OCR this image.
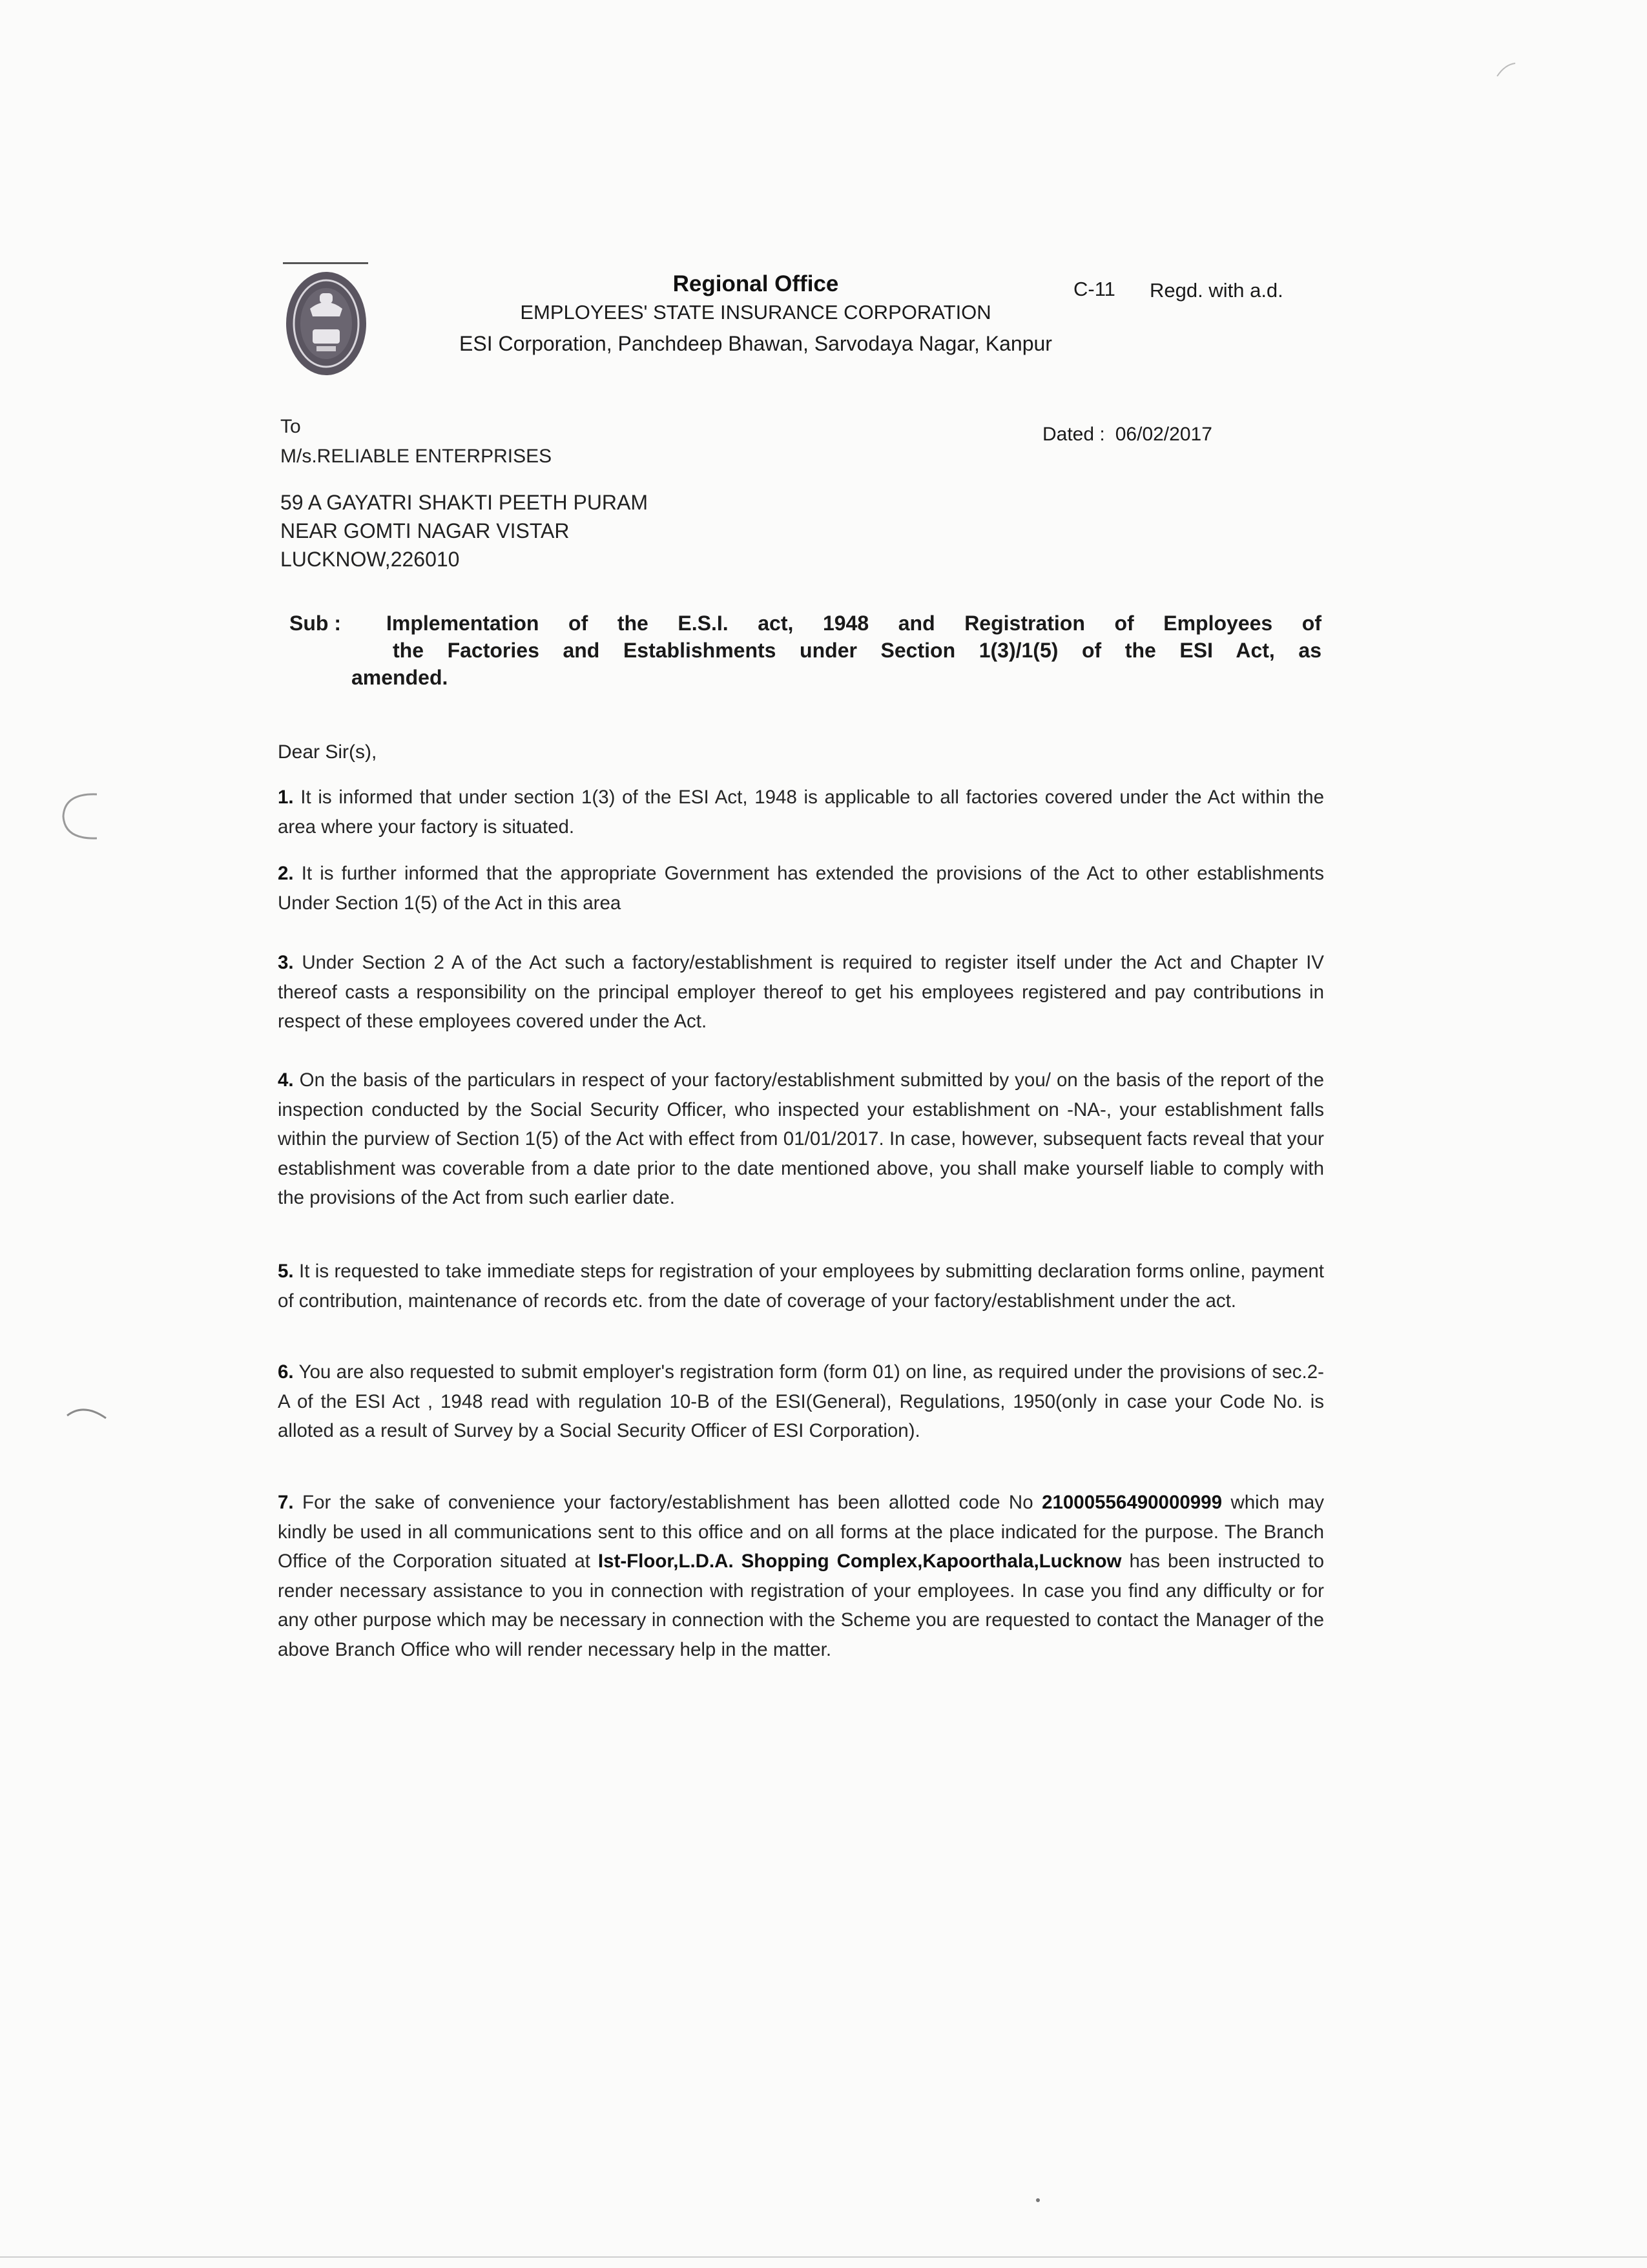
Regional Office
EMPLOYEES' STATE INSURANCE CORPORATION
ESI Corporation, Panchdeep Bhawan, Sarvodaya Nagar, Kanpur
C-11 Regd. with a.d.
To	Dated : 06/02/2017
M/s.RELIABLE ENTERPRISES
59 A GAYATRI SHAKTI PEETH PURAM
NEAR GOMTI NAGAR VISTAR
LUCKNOW,226010
Sub : Implementation of the E.S.I. act, 1948 and Registration of Employees of
the Factories and Establishments under Section 1(3)/1(5) of the ESI Act, as
amended.
Dear Sir(s),
1. It is informed that under section 1(3) of the ESI Act, 1948 is applicable to all factories covered under the Act within the area where your factory is situated.
2. It is further informed that the appropriate Government has extended the provisions of the Act to other establishments Under Section 1(5) of the Act in this area
3. Under Section 2 A of the Act such a factory/establishment is required to register itself under the Act and Chapter IV thereof casts a responsibility on the principal employer thereof to get his employees registered and pay contributions in respect of these employees covered under the Act.
4. On the basis of the particulars in respect of your factory/establishment submitted by you/ on the basis of the report of the inspection conducted by the Social Security Officer, who inspected your establishment on -NA-, your establishment falls within the purview of Section 1(5) of the Act with effect from 01/01/2017. In case, however, subsequent facts reveal that your establishment was coverable from a date prior to the date mentioned above, you shall make yourself liable to comply with the provisions of the Act from such earlier date.
5. It is requested to take immediate steps for registration of your employees by submitting declaration forms online, payment of contribution, maintenance of records etc. from the date of coverage of your factory/establishment under the act.
6. You are also requested to submit employer's registration form (form 01) on line, as required under the provisions of sec.2-A of the ESI Act , 1948 read with regulation 10-B of the ESI(General), Regulations, 1950(only in case your Code No. is alloted as a result of Survey by a Social Security Officer of ESI Corporation).
7. For the sake of convenience your factory/establishment has been allotted code No 21000556490000999 which may kindly be used in all communications sent to this office and on all forms at the place indicated for the purpose. The Branch Office of the Corporation situated at Ist-Floor,L.D.A. Shopping Complex,Kapoorthala,Lucknow has been instructed to render necessary assistance to you in connection with registration of your employees. In case you find any difficulty or for any other purpose which may be necessary in connection with the Scheme you are requested to contact the Manager of the above Branch Office who will render necessary help in the matter.
